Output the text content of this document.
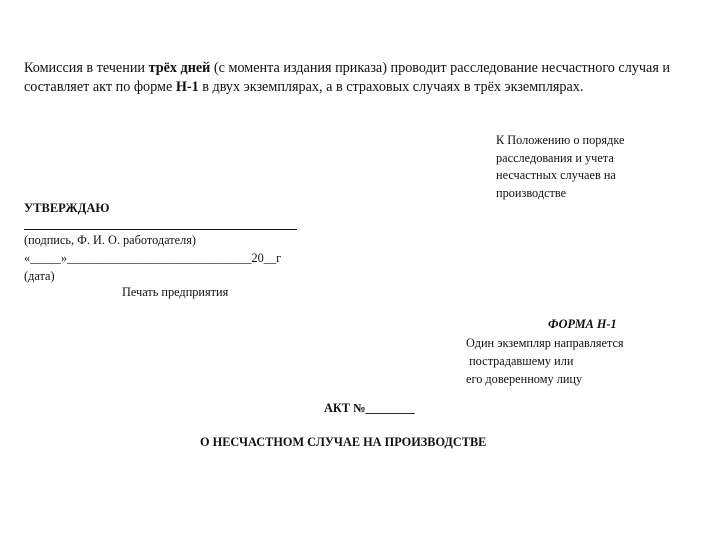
Комиссия в течении трёх дней (с момента издания приказа) проводит расследование несчастного случая и составляет акт по форме Н-1 в двух экземплярах, а в страховых случаях в трёх экземплярах.
К Положению о порядке
расследования и учета
несчастных случаев на
производстве
УТВЕРЖДАЮ
(подпись, Ф. И. О. работодателя)
«_____»______________________________20__г
(дата)
Печать предприятия
ФОРМА Н-1
Один экземпляр направляется
пострадавшему или
его доверенному лицу
АКТ №________
О НЕСЧАСТНОМ СЛУЧАЕ НА ПРОИЗВОДСТВЕ
